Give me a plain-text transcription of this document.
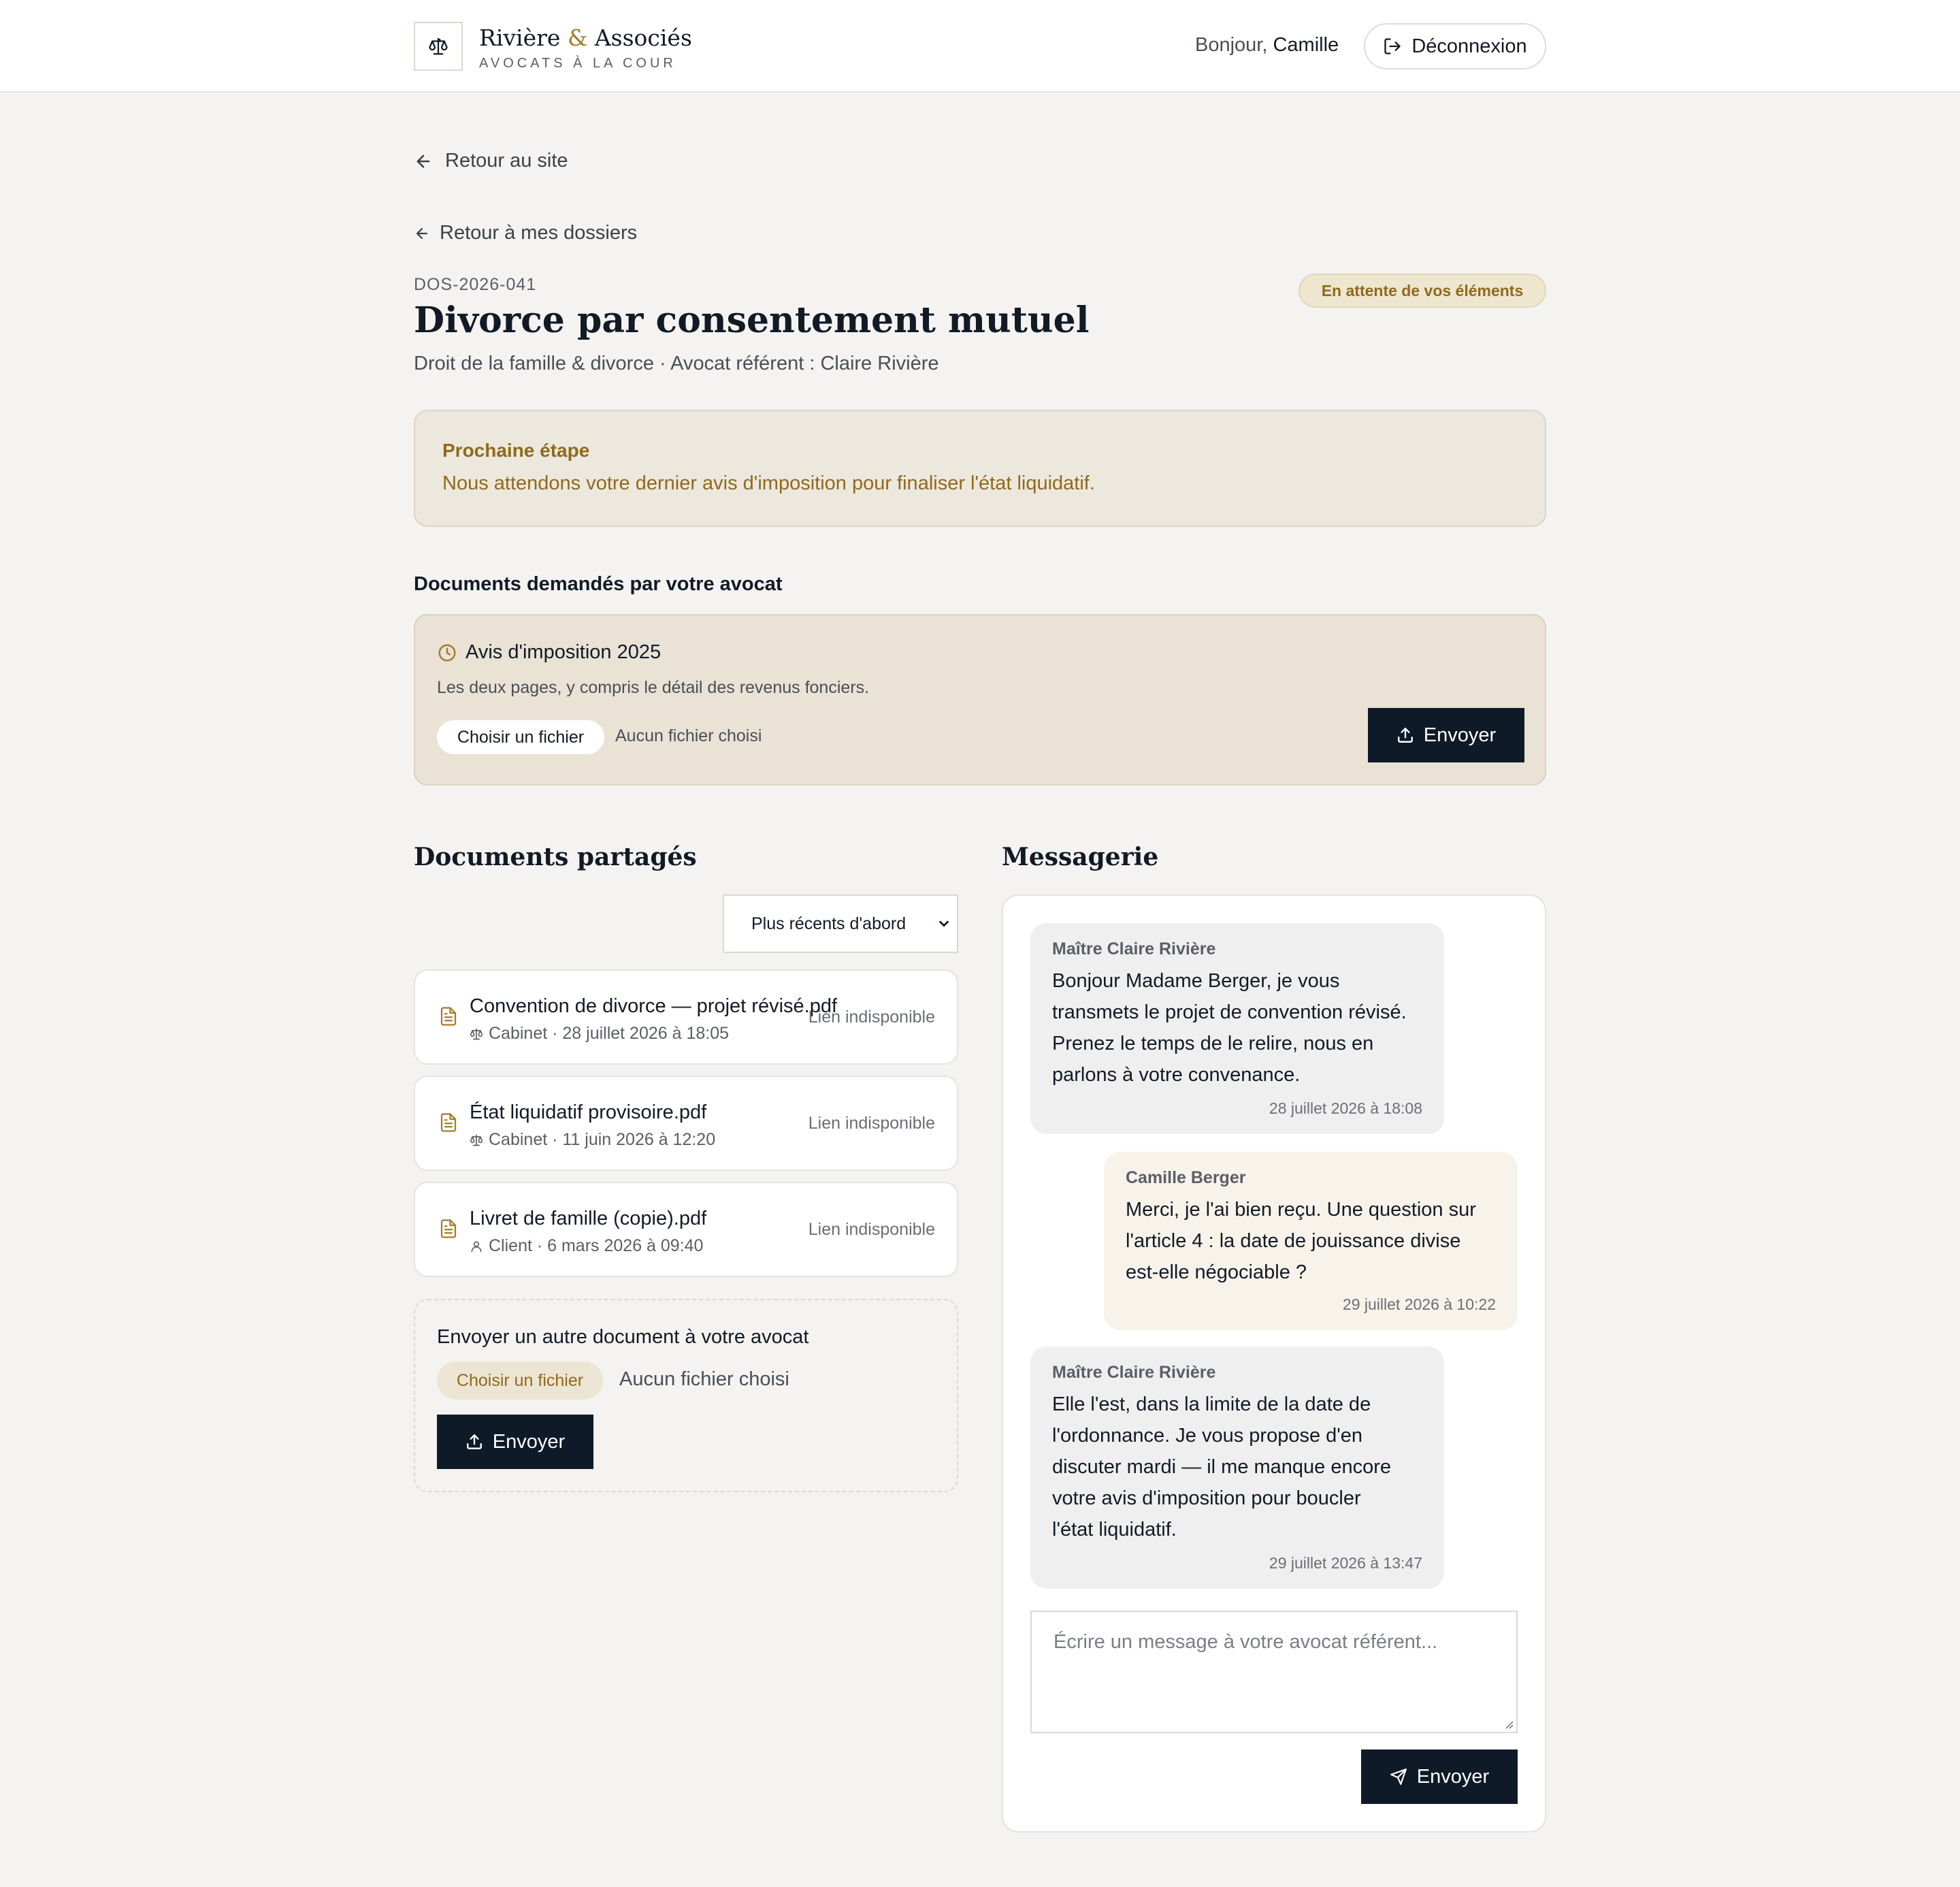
Rivière & Associés
AVOCATS À LA COUR
Bonjour, Camille	Déconnexion
Retour au site
Retour à mes dossiers
DOS-2026-041	En attente de vos éléments
Divorce par consentement mutuel
Droit de la famille & divorce · Avocat référent : Claire Rivière
Prochaine étape
Nous attendons votre dernier avis d'imposition pour finaliser l'état liquidatif.
Documents demandés par votre avocat
Avis d'imposition 2025
Les deux pages, y compris le détail des revenus fonciers.
Choisir un fichier	Aucun fichier choisi	Envoyer
Documents partagés
Plus récents d'abord
Convention de divorce — projet révisé.pdf
Cabinet · 28 juillet 2026 à 18:05
Lien indisponible
État liquidatif provisoire.pdf
Cabinet · 11 juin 2026 à 12:20
Lien indisponible
Livret de famille (copie).pdf
Client · 6 mars 2026 à 09:40
Lien indisponible
Envoyer un autre document à votre avocat
Choisir un fichier	Aucun fichier choisi
Envoyer
Messagerie
Maître Claire Rivière
Bonjour Madame Berger, je vous
transmets le projet de convention révisé.
Prenez le temps de le relire, nous en
parlons à votre convenance.
28 juillet 2026 à 18:08
Camille Berger
Merci, je l'ai bien reçu. Une question sur
l'article 4 : la date de jouissance divise
est-elle négociable ?
29 juillet 2026 à 10:22
Maître Claire Rivière
Elle l'est, dans la limite de la date de
l'ordonnance. Je vous propose d'en
discuter mardi — il me manque encore
votre avis d'imposition pour boucler
l'état liquidatif.
29 juillet 2026 à 13:47
Écrire un message à votre avocat référent...
Envoyer
